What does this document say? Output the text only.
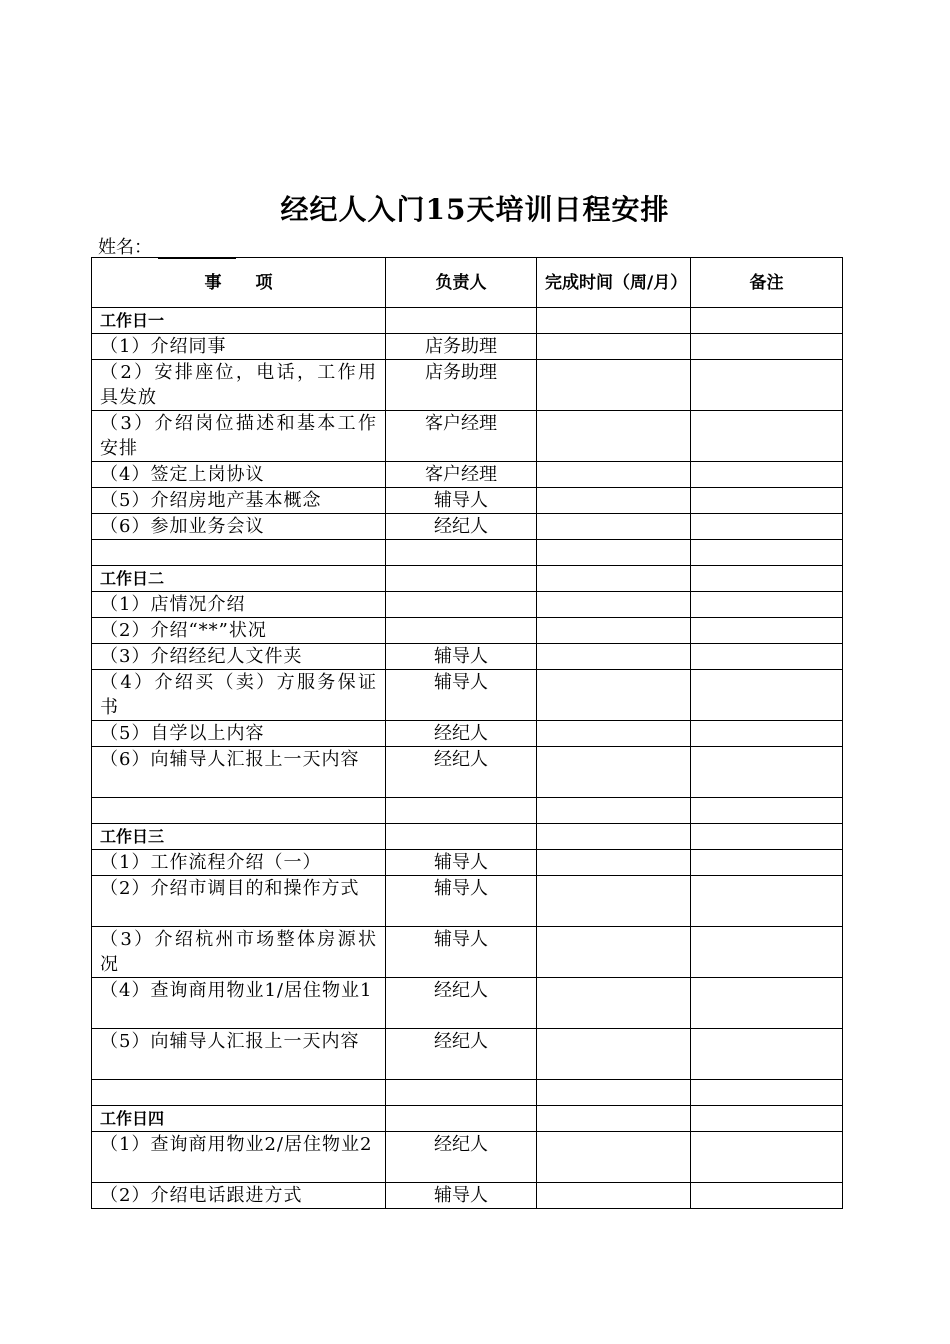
经纪人入门15天培训日程安排
姓名：
事　　项	负责人	完成时间（周/月）	备注
工作日一			
（1）介绍同事	店务助理		
（2）安排座位，电话，工作用具发放	店务助理		
（3）介绍岗位描述和基本工作安排	客户经理		
（4）签定上岗协议	客户经理		
（5）介绍房地产基本概念	辅导人		
（6）参加业务会议	经纪人		

工作日二			
（1）店情况介绍			
（2）介绍“**”状况			
（3）介绍经纪人文件夹	辅导人		
（4）介绍买（卖）方服务保证书	辅导人		
（5）自学以上内容	经纪人		
（6）向辅导人汇报上一天内容	经纪人		

工作日三			
（1）工作流程介绍（一）	辅导人		
（2）介绍市调目的和操作方式	辅导人		
（3）介绍杭州市场整体房源状况	辅导人		
（4）查询商用物业1/居住物业1	经纪人		
（5）向辅导人汇报上一天内容	经纪人		

工作日四			
（1）查询商用物业2/居住物业2	经纪人		
（2）介绍电话跟进方式	辅导人		
